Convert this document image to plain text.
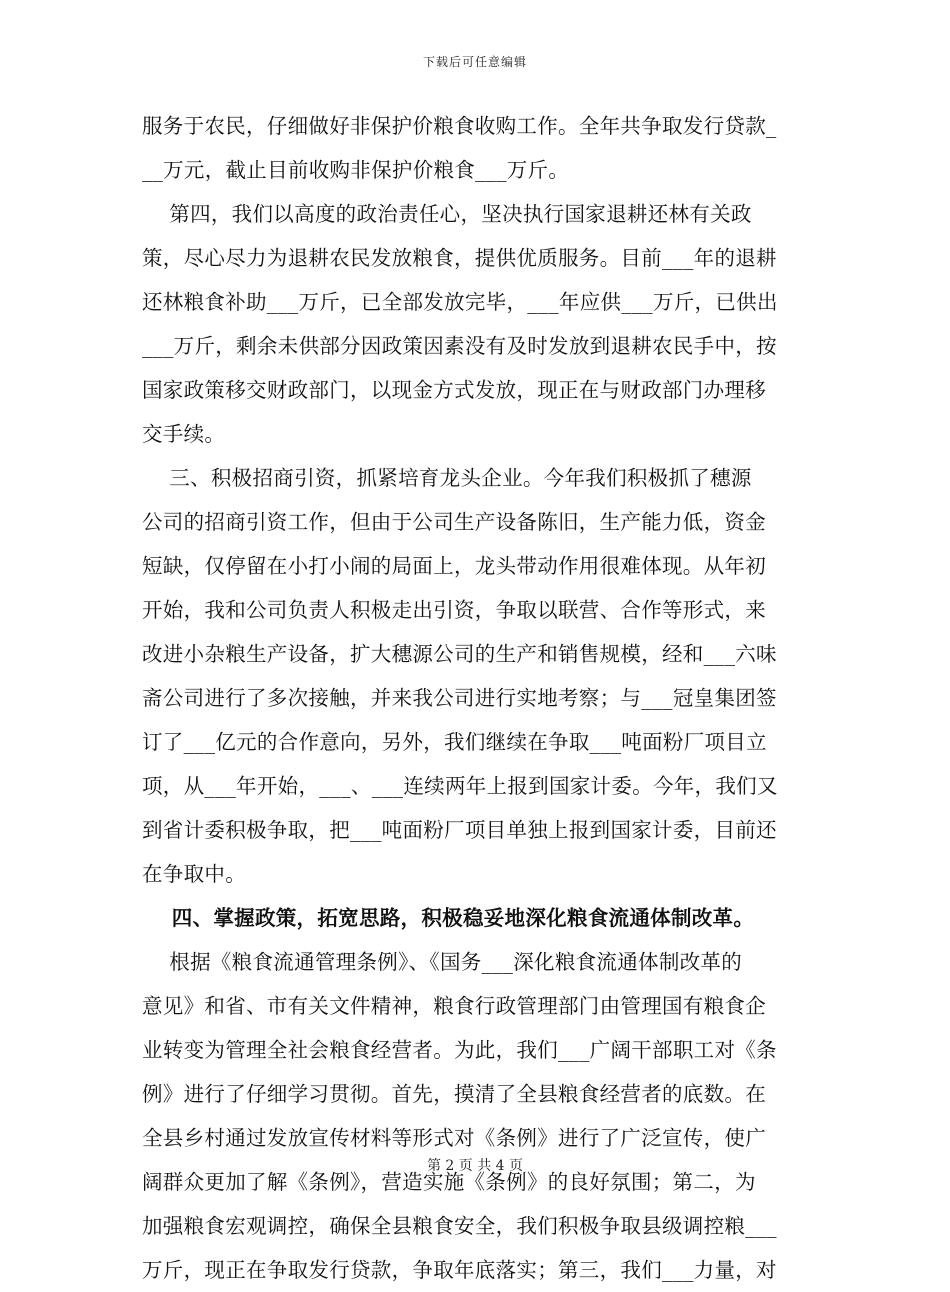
下载后可任意编辑
服务于农民，仔细做好非保护价粮食收购工作。全年共争取发行贷款_
__万元，截止目前收购非保护价粮食___万斤。
第四，我们以高度的政治责任心，坚决执行国家退耕还林有关政
策，尽心尽力为退耕农民发放粮食，提供优质服务。目前___年的退耕
还林粮食补助___万斤，已全部发放完毕，___年应供___万斤，已供出
___万斤，剩余未供部分因政策因素没有及时发放到退耕农民手中，按
国家政策移交财政部门，以现金方式发放，现正在与财政部门办理移
交手续。
三、积极招商引资，抓紧培育龙头企业。今年我们积极抓了穗源
公司的招商引资工作，但由于公司生产设备陈旧，生产能力低，资金
短缺，仅停留在小打小闹的局面上，龙头带动作用很难体现。从年初
开始，我和公司负责人积极走出引资，争取以联营、合作等形式，来
改进小杂粮生产设备，扩大穗源公司的生产和销售规模，经和___六味
斋公司进行了多次接触，并来我公司进行实地考察；与___冠皇集团签
订了___亿元的合作意向，另外，我们继续在争取___吨面粉厂项目立
项，从___年开始，___、___连续两年上报到国家计委。今年，我们又
到省计委积极争取，把___吨面粉厂项目单独上报到国家计委，目前还
在争取中。
四、掌握政策，拓宽思路，积极稳妥地深化粮食流通体制改革。
根据《粮食流通管理条例》、《国务___深化粮食流通体制改革的
意见》和省、市有关文件精神，粮食行政管理部门由管理国有粮食企
业转变为管理全社会粮食经营者。为此，我们___广阔干部职工对《条
例》进行了仔细学习贯彻。首先，摸清了全县粮食经营者的底数。在
全县乡村通过发放宣传材料等形式对《条例》进行了广泛宣传，使广
阔群众更加了解《条例》，营造实施《条例》的良好氛围；第二，为
加强粮食宏观调控，确保全县粮食安全，我们积极争取县级调控粮___
万斤，现正在争取发行贷款，争取年底落实；第三，我们___力量，对
第 2 页 共 4 页
